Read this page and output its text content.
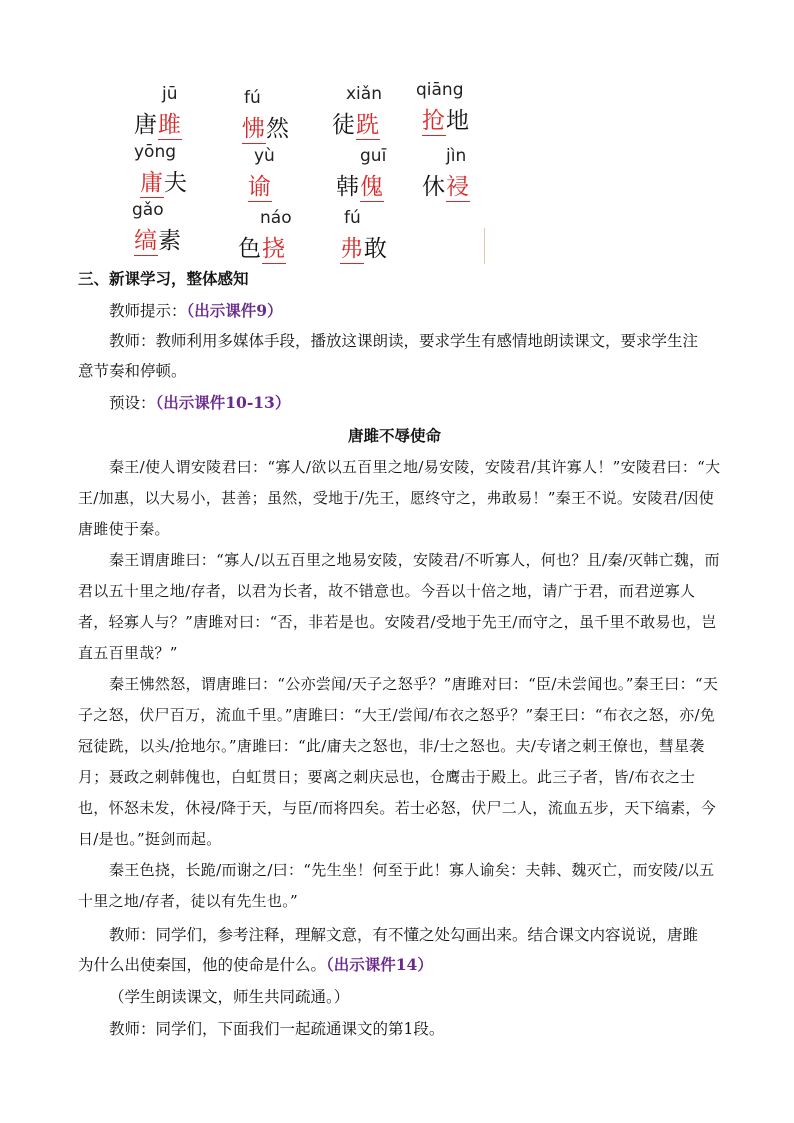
jū
唐雎
fú
怫然
xiǎn
徒跣
qiāng
抢地
yōng
庸夫
yù
谕
guī
韩傀
jìn
休祲
gǎo
缟素
náo
色挠
fú
弗敢
三、新课学习，整体感知
教师提示：（出示课件9）
教师：教师利用多媒体手段，播放这课朗读，要求学生有感情地朗读课文，要求学生注
意节奏和停顿。
预设：（出示课件10-13）
唐雎不辱使命

秦王/使人谓安陵君曰：“寡人/欲以五百里之地/易安陵，安陵君/其许寡人！”安陵君曰：“大王/加惠，以大易小，甚善；虽然，受地于/先王，愿终守之，弗敢易！”秦王不说。安陵君/因使唐雎使于秦。

秦王谓唐雎曰：“寡人/以五百里之地易安陵，安陵君/不听寡人，何也？且/秦/灭韩亡魏，而君以五十里之地/存者，以君为长者，故不错意也。今吾以十倍之地，请广于君，而君逆寡人者，轻寡人与？”唐雎对曰：“否，非若是也。安陵君/受地于先王/而守之，虽千里不敢易也，岂直五百里哉？”

秦王怫然怒，谓唐雎曰：“公亦尝闻/天子之怒乎？”唐雎对曰：“臣/未尝闻也。”秦王曰：“天子之怒，伏尸百万，流血千里。”唐雎曰：“大王/尝闻/布衣之怒乎？”秦王曰：“布衣之怒，亦/免冠徒跣，以头/抢地尔。”唐雎曰：“此/庸夫之怒也，非/士之怒也。夫/专诸之刺王僚也，彗星袭月；聂政之刺韩傀也，白虹贯日；要离之刺庆忌也，仓鹰击于殿上。此三子者，皆/布衣之士也，怀怒未发，休祲/降于天，与臣/而将四矣。若士必怒，伏尸二人，流血五步，天下缟素，今日/是也。”挺剑而起。

秦王色挠，长跪/而谢之/曰：“先生坐！何至于此！寡人谕矣：夫韩、魏灭亡，而安陵/以五十里之地/存者，徒以有先生也。”

教师：同学们，参考注释，理解文意，有不懂之处勾画出来。结合课文内容说说，唐雎
为什么出使秦国，他的使命是什么。（出示课件14）
（学生朗读课文，师生共同疏通。）
教师：同学们，下面我们一起疏通课文的第1段。
